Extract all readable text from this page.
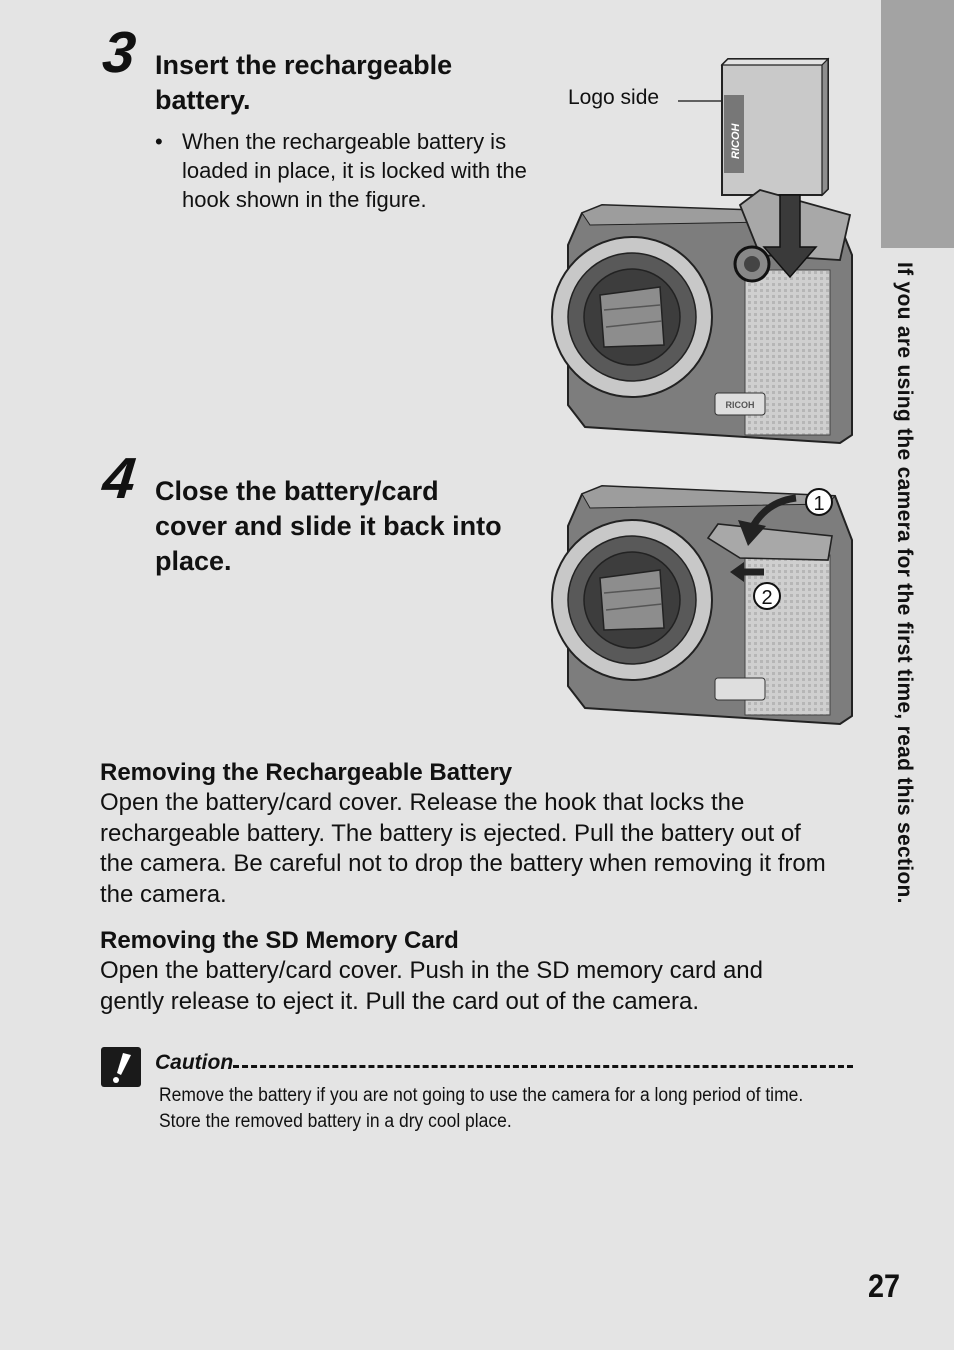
If you are using the camera for the first time, read this section.
3 Insert the rechargeable
battery.
• When the rechargeable battery is loaded in place, it is locked with the hook shown in the figure.
RICOH
RICOH
Logo side
4 Close the battery/card
cover and slide it back into
place.
1
2
Removing the Rechargeable Battery
Open the battery/card cover. Release the hook that locks the
rechargeable battery. The battery is ejected. Pull the battery out of
the camera. Be careful not to drop the battery when removing it from
the camera.
Removing the SD Memory Card
Open the battery/card cover. Push in the SD memory card and
gently release to eject it. Pull the card out of the camera.
Caution
Remove the battery if you are not going to use the camera for a long period of time.
Store the removed battery in a dry cool place.
27
